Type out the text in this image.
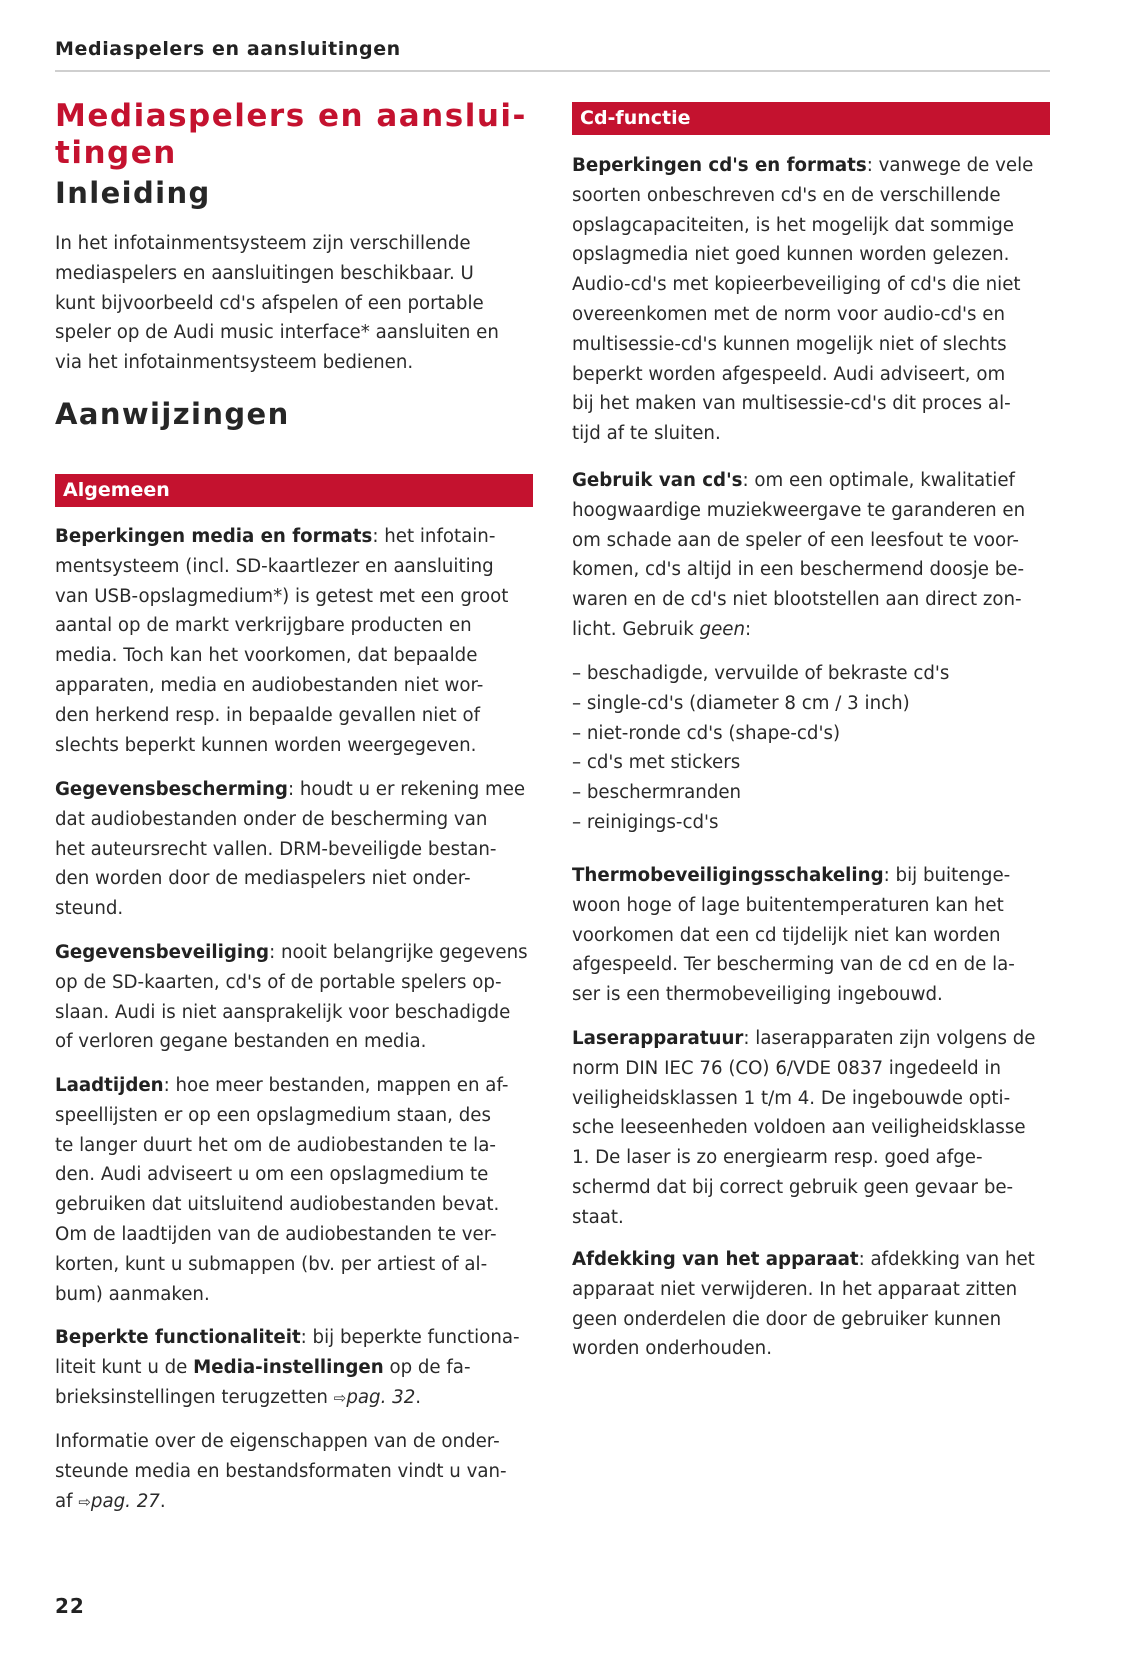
Mediaspelers en aansluitingen
Mediaspelers en aanslui-
tingen
Inleiding

In het infotainmentsysteem zijn verschillende
mediaspelers en aansluitingen beschikbaar. U
kunt bijvoorbeeld cd's afspelen of een portable
speler op de Audi music interface* aansluiten en
via het infotainmentsysteem bedienen.

Aanwijzingen
Algemeen

Beperkingen media en formats: het infotain-
mentsysteem (incl. SD-kaartlezer en aansluiting
van USB-opslagmedium*) is getest met een groot
aantal op de markt verkrijgbare producten en
media. Toch kan het voorkomen, dat bepaalde
apparaten, media en audiobestanden niet wor-
den herkend resp. in bepaalde gevallen niet of
slechts beperkt kunnen worden weergegeven.

Gegevensbescherming: houdt u er rekening mee
dat audiobestanden onder de bescherming van
het auteursrecht vallen. DRM-beveiligde bestan-
den worden door de mediaspelers niet onder-
steund.

Gegevensbeveiliging: nooit belangrijke gegevens
op de SD-kaarten, cd's of de portable spelers op-
slaan. Audi is niet aansprakelijk voor beschadigde
of verloren gegane bestanden en media.

Laadtijden: hoe meer bestanden, mappen en af-
speellijsten er op een opslagmedium staan, des
te langer duurt het om de audiobestanden te la-
den. Audi adviseert u om een opslagmedium te
gebruiken dat uitsluitend audiobestanden bevat.
Om de laadtijden van de audiobestanden te ver-
korten, kunt u submappen (bv. per artiest of al-
bum) aanmaken.

Beperkte functionaliteit: bij beperkte functiona-
liteit kunt u de Media-instellingen op de fa-
brieksinstellingen terugzetten ⇨pag. 32.

Informatie over de eigenschappen van de onder-
steunde media en bestandsformaten vindt u van-
af ⇨pag. 27.

Cd-functie

Beperkingen cd's en formats: vanwege de vele
soorten onbeschreven cd's en de verschillende
opslagcapaciteiten, is het mogelijk dat sommige
opslagmedia niet goed kunnen worden gelezen.
Audio-cd's met kopieerbeveiliging of cd's die niet
overeenkomen met de norm voor audio-cd's en
multisessie-cd's kunnen mogelijk niet of slechts
beperkt worden afgespeeld. Audi adviseert, om
bij het maken van multisessie-cd's dit proces al-
tijd af te sluiten.

Gebruik van cd's: om een optimale, kwalitatief
hoogwaardige muziekweergave te garanderen en
om schade aan de speler of een leesfout te voor-
komen, cd's altijd in een beschermend doosje be-
waren en de cd's niet blootstellen aan direct zon-
licht. Gebruik geen:

– beschadigde, vervuilde of bekraste cd's
– single-cd's (diameter 8 cm / 3 inch)
– niet-ronde cd's (shape-cd's)
– cd's met stickers
– beschermranden
– reinigings-cd's

Thermobeveiligingsschakeling: bij buitenge-
woon hoge of lage buitentemperaturen kan het
voorkomen dat een cd tijdelijk niet kan worden
afgespeeld. Ter bescherming van de cd en de la-
ser is een thermobeveiliging ingebouwd.

Laserapparatuur: laserapparaten zijn volgens de
norm DIN IEC 76 (CO) 6/VDE 0837 ingedeeld in
veiligheidsklassen 1 t/m 4. De ingebouwde opti-
sche leeseenheden voldoen aan veiligheidsklasse
1. De laser is zo energiearm resp. goed afge-
schermd dat bij correct gebruik geen gevaar be-
staat.

Afdekking van het apparaat: afdekking van het
apparaat niet verwijderen. In het apparaat zitten
geen onderdelen die door de gebruiker kunnen
worden onderhouden.

22
